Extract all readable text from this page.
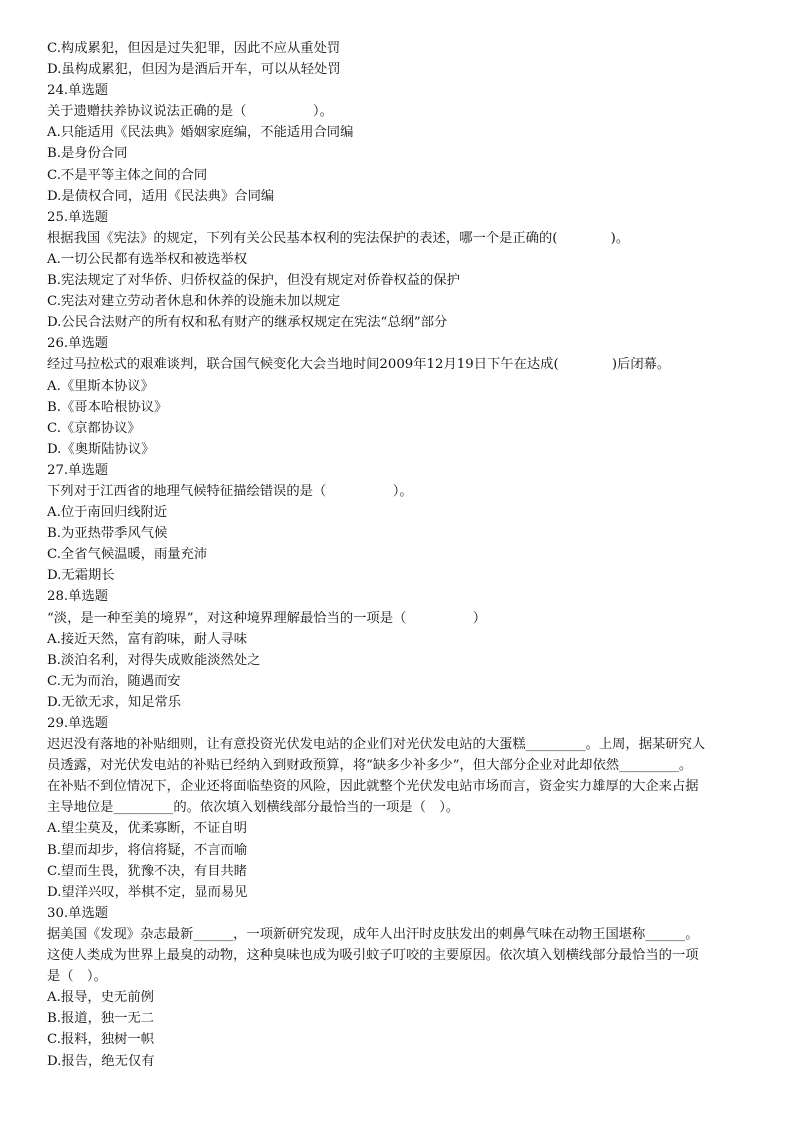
C.构成累犯，但因是过失犯罪，因此不应从重处罚
D.虽构成累犯，但因为是酒后开车，可以从轻处罚
24.单选题
关于遗赠扶养协议说法正确的是（　　　　　）。
A.只能适用《民法典》婚姻家庭编，不能适用合同编
B.是身份合同
C.不是平等主体之间的合同
D.是债权合同，适用《民法典》合同编
25.单选题
根据我国《宪法》的规定，下列有关公民基本权利的宪法保护的表述，哪一个是正确的(　　　　)。
A.一切公民都有选举权和被选举权
B.宪法规定了对华侨、归侨权益的保护，但没有规定对侨眷权益的保护
C.宪法对建立劳动者休息和休养的设施未加以规定
D.公民合法财产的所有权和私有财产的继承权规定在宪法“总纲”部分
26.单选题
经过马拉松式的艰难谈判，联合国气候变化大会当地时间2009年12月19日下午在达成(　　　　)后闭幕。
A.《里斯本协议》
B.《哥本哈根协议》
C.《京都协议》
D.《奥斯陆协议》
27.单选题
下列对于江西省的地理气候特征描绘错误的是（　　　　　）。
A.位于南回归线附近
B.为亚热带季风气候
C.全省气候温暖，雨量充沛
D.无霜期长
28.单选题
“淡，是一种至美的境界”，对这种境界理解最恰当的一项是（　　　　　）
A.接近天然，富有韵味，耐人寻味
B.淡泊名利，对得失成败能淡然处之
C.无为而治，随遇而安
D.无欲无求，知足常乐
29.单选题
迟迟没有落地的补贴细则，让有意投资光伏发电站的企业们对光伏发电站的大蛋糕_________。上周，据某研究人
员透露，对光伏发电站的补贴已经纳入到财政预算，将“缺多少补多少”，但大部分企业对此却依然_________。
在补贴不到位情况下，企业还将面临垫资的风险，因此就整个光伏发电站市场而言，资金实力雄厚的大企来占据
主导地位是_________的。依次填入划横线部分最恰当的一项是（　）。
A.望尘莫及，优柔寡断，不证自明
B.望而却步，将信将疑，不言而喻
C.望而生畏，犹豫不决，有目共睹
D.望洋兴叹，举棋不定，显而易见
30.单选题
据美国《发现》杂志最新______，一项新研究发现，成年人出汗时皮肤发出的刺鼻气味在动物王国堪称______。
这使人类成为世界上最臭的动物，这种臭味也成为吸引蚊子叮咬的主要原因。依次填入划横线部分最恰当的一项
是（　）。
A.报导，史无前例
B.报道，独一无二
C.报料，独树一帜
D.报告，绝无仅有
